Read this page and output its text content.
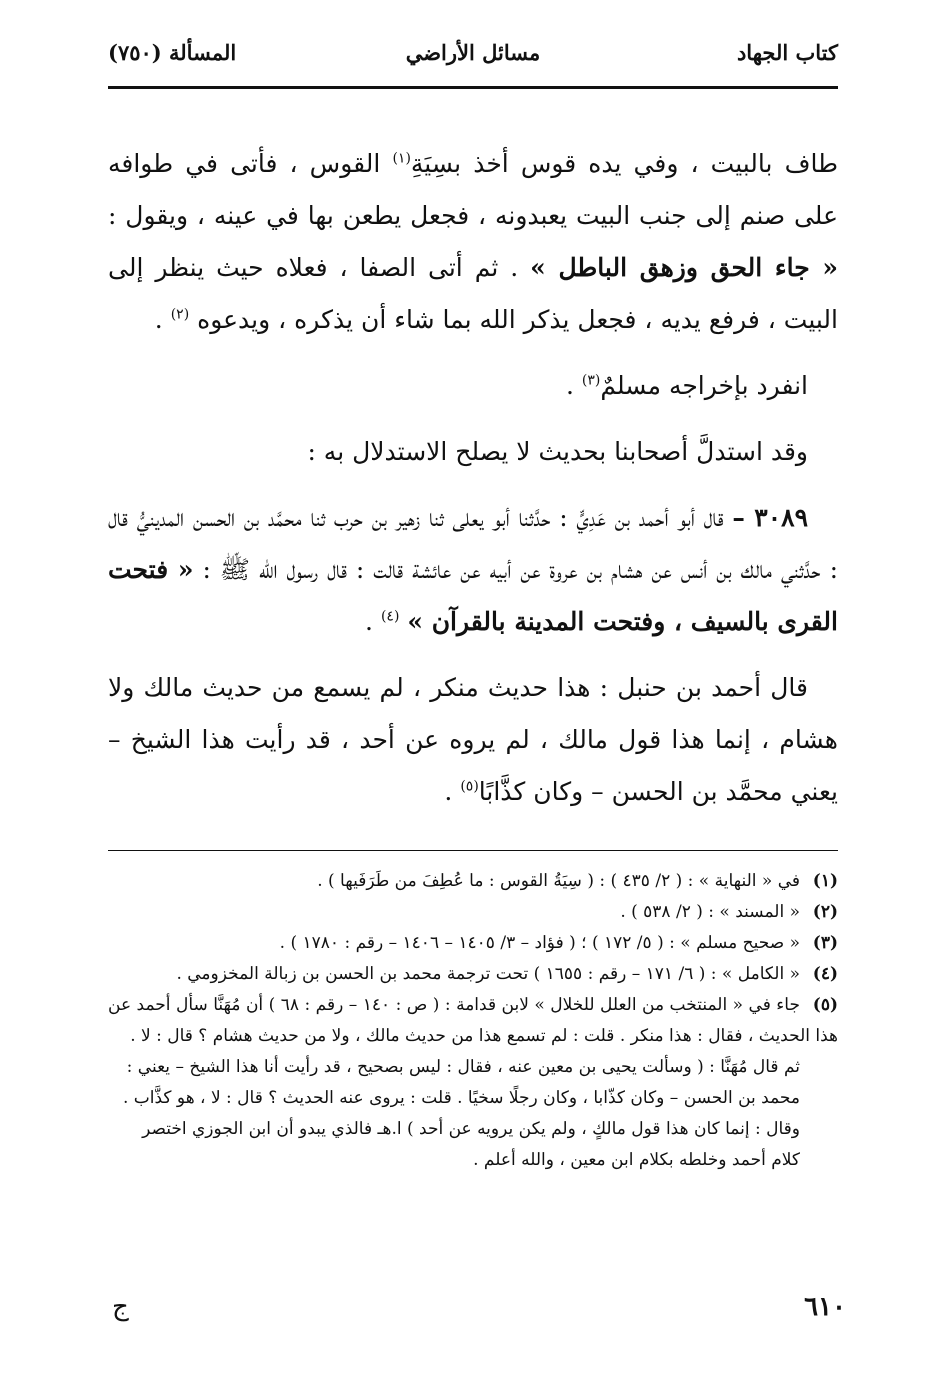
كتاب الجهاد
مسائل الأراضي
المسألة (٧٥٠)

طاف بالبيت ، وفي يده قوس أخذ بسِيَةِ$^{(١)}$ القوس ، فأتى في طوافه على صنم إلى جنب البيت يعبدونه ، فجعل يطعن بها في عينه ، ويقول : « جاء الحق وزهق الباطل » . ثم أتى الصفا ، فعلاه حيث ينظر إلى البيت ، فرفع يديه ، فجعل يذكر الله بما شاء أن يذكره ، ويدعوه $^{(٢)}$ .

انفرد بإخراجه مسلمٌ$^{(٣)}$ .

وقد استدلَّ أصحابنا بحديث لا يصلح الاستدلال به :

٣٠٨٩ – قال أبو أحمد بن عَدِيٍّ : حدَّثنا أبو يعلى ثنا زهير بن حرب ثنا محمَّد بن الحسن المدينيُّ قال : حدَّثني مالك بن أنس عن هشام بن عروة عن أبيه عن عائشة قالت : قال رسول الله ﷺ : « فتحت القرى بالسيف ، وفتحت المدينة بالقرآن » $^{(٤)}$ .

قال أحمد بن حنبل : هذا حديث منكر ، لم يسمع من حديث مالك ولا هشام ، إنما هذا قول مالك ، لم يروه عن أحد ، قد رأيت هذا الشيخ – يعني محمَّد بن الحسن – وكان كذَّابًا$^{(٥)}$ .

(١)في « النهاية » : ( ٢/ ٤٣٥ ) : ( سِيَةُ القوس : ما عُطِفَ من طَرَفَيها ) .

(٢)« المسند » : ( ٢/ ٥٣٨ ) .

(٣)« صحيح مسلم » : ( ٥/ ١٧٢ ) ؛ ( فؤاد – ٣/ ١٤٠٥ – ١٤٠٦ – رقم : ١٧٨٠ ) .

(٤)« الكامل » : ( ٦/ ١٧١ – رقم : ١٦٥٥ ) تحت ترجمة محمد بن الحسن بن زبالة المخزومي .

(٥)جاء في « المنتخب من العلل للخلال » لابن قدامة : ( ص : ١٤٠ – رقم : ٦٨ ) أن مُهَنَّا سأل أحمد عن هذا الحديث ، فقال : هذا منكر . قلت : لم تسمع هذا من حديث مالك ، ولا من حديث هشام ؟ قال : لا .

ثم قال مُهَنَّا : ( وسألت يحيى بن معين عنه ، فقال : ليس بصحيح ، قد رأيت أنا هذا الشيخ – يعني : محمد بن الحسن – وكان كذّابا ، وكان رجلًا سخيًا . قلت : يروى عنه الحديث ؟ قال : لا ، هو كذَّاب . وقال : إنما كان هذا قول مالكٍ ، ولم يكن يرويه عن أحد ) ا.هـ فالذي يبدو أن ابن الجوزي اختصر كلام أحمد وخلطه بكلام ابن معين ، والله أعلم .

٦١٠
ج
